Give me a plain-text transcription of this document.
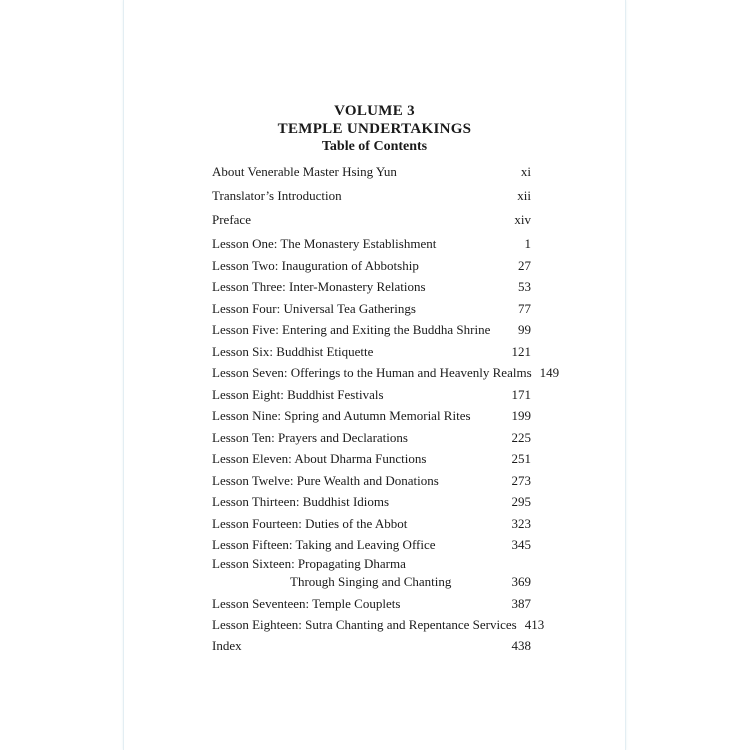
VOLUME 3
TEMPLE UNDERTAKINGS
Table of Contents
About Venerable Master Hsing Yun	xi
Translator’s Introduction	xii
Preface	xiv
Lesson One: The Monastery Establishment	1
Lesson Two: Inauguration of Abbotship	27
Lesson Three: Inter-Monastery Relations	53
Lesson Four: Universal Tea Gatherings	77
Lesson Five: Entering and Exiting the Buddha Shrine 99
Lesson Six: Buddhist Etiquette	121
Lesson Seven: Offerings to the Human and Heavenly Realms 149
Lesson Eight: Buddhist Festivals	171
Lesson Nine: Spring and Autumn Memorial Rites	199
Lesson Ten: Prayers and Declarations	225
Lesson Eleven: About Dharma Functions	251
Lesson Twelve: Pure Wealth and Donations	273
Lesson Thirteen: Buddhist Idioms	295
Lesson Fourteen: Duties of the Abbot	323
Lesson Fifteen: Taking and Leaving Office	345
Lesson Sixteen: Propagating Dharma
Through Singing and Chanting	369
Lesson Seventeen: Temple Couplets	387
Lesson Eighteen: Sutra Chanting and Repentance Services 413
Index	438
